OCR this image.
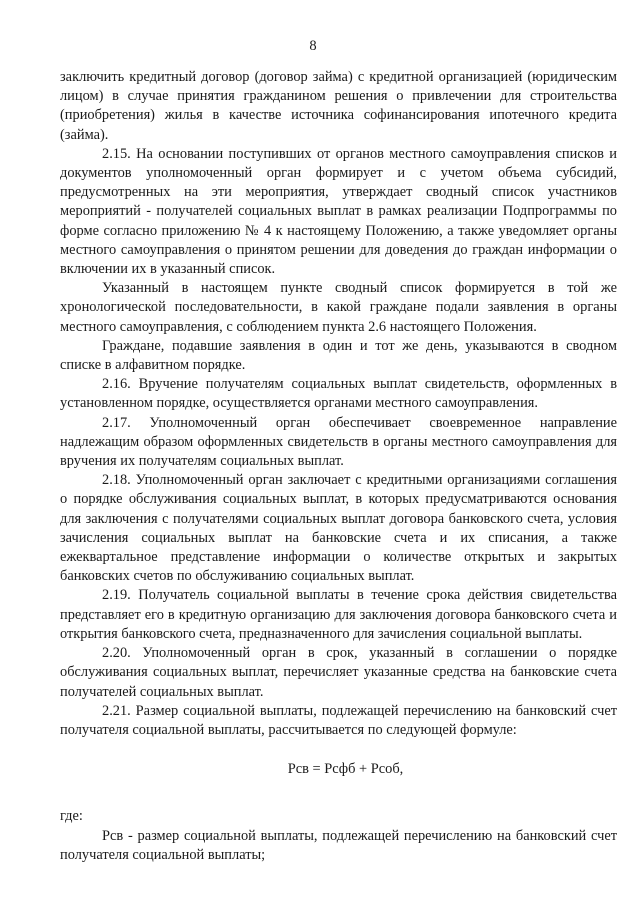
8

заключить кредитный договор (договор займа) с кредитной организацией (юридическим лицом) в случае принятия гражданином решения о привлечении для строительства (приобретения) жилья в качестве источника софинансирования ипотечного кредита (займа).

2.15. На основании поступивших от органов местного самоуправления списков и документов уполномоченный орган формирует и с учетом объема субсидий, предусмотренных на эти мероприятия, утверждает сводный список участников мероприятий - получателей социальных выплат в рамках реализации Подпрограммы по форме согласно приложению № 4 к настоящему Положению, а также уведомляет органы местного самоуправления о принятом решении для доведения до граждан информации о включении их в указанный список.

Указанный в настоящем пункте сводный список формируется в той же хронологической последовательности, в какой граждане подали заявления в органы местного самоуправления, с соблюдением пункта 2.6 настоящего Положения.

Граждане, подавшие заявления в один и тот же день, указываются в сводном списке в алфавитном порядке.

2.16. Вручение получателям социальных выплат свидетельств, оформленных в установленном порядке, осуществляется органами местного самоуправления.

2.17. Уполномоченный орган обеспечивает своевременное направление надлежащим образом оформленных свидетельств в органы местного самоуправления для вручения их получателям социальных выплат.

2.18. Уполномоченный орган заключает с кредитными организациями соглашения о порядке обслуживания социальных выплат, в которых предусматриваются основания для заключения с получателями социальных выплат договора банковского счета, условия зачисления социальных выплат на банковские счета и их списания, а также ежеквартальное представление информации о количестве открытых и закрытых банковских счетов по обслуживанию социальных выплат.

2.19. Получатель социальной выплаты в течение срока действия свидетельства представляет его в кредитную организацию для заключения договора банковского счета и открытия банковского счета, предназначенного для зачисления социальной выплаты.

2.20. Уполномоченный орган в срок, указанный в соглашении о порядке обслуживания социальных выплат, перечисляет указанные средства на банковские счета получателей социальных выплат.

2.21. Размер социальной выплаты, подлежащей перечислению на банковский счет получателя социальной выплаты, рассчитывается по следующей формуле:

Рсв = Рсфб + Рсоб,

где:

Рсв - размер социальной выплаты, подлежащей перечислению на банковский счет получателя социальной выплаты;
